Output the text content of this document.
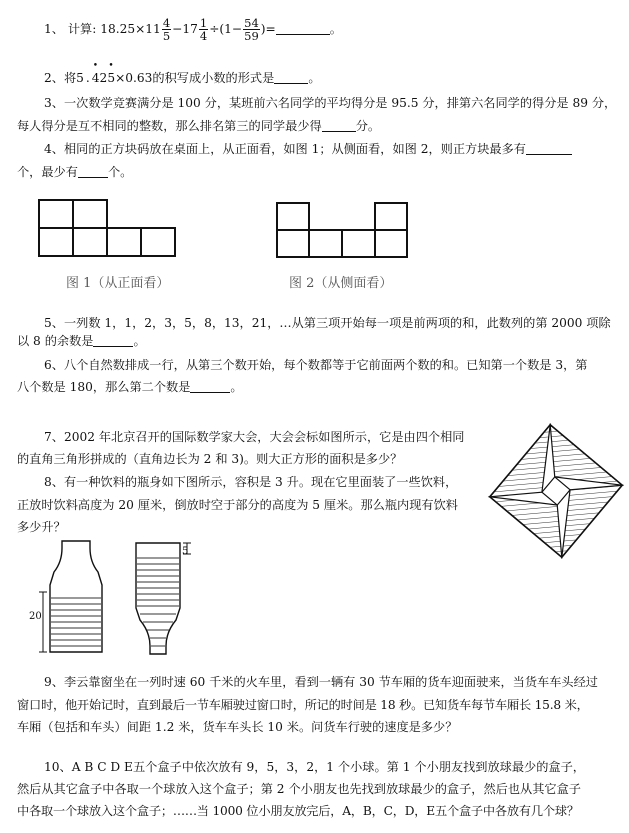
1、 计算: $18.25\times 11 \frac{4}{5} -17 \frac{1}{4} \div(1- \frac{54}{59}$ )=	。
2、将5 .• 42• 5×0.63的积写成小数的形式是	。
3、一次数学竞赛满分是 100 分，某班前六名同学的平均得分是 95.5 分，排第六名同学的得分是 89 分，
每人得分是互不相同的整数，那么排名第三的同学最少得	分。
4、相同的正方块码放在桌面上，从正面看，如图 1；从侧面看，如图 2，则正方块最多有
个，最少有 个。
图 1（从正面看）	图 2（从侧面看）
5、一列数 1，1，2，3，5，8，13，21，…从第三项开始每一项是前两项的和，此数列的第 2000 项除
以 8 的余数是	。
6、八个自然数排成一行，从第三个数开始，每个数都等于它前面两个数的和。已知第一个数是 3，第
八个数是 180，那么第二个数是	。
7、2002 年北京召开的国际数学家大会，大会会标如图所示，它是由四个相同
的直角三角形拼成的（直角边长为 2 和 3)。则大正方形的面积是多少？
8、有一种饮料的瓶身如下图所示，容积是 3 升。现在它里面装了一些饮料，
正放时饮料高度为 20 厘米，倒放时空于部分的高度为 5 厘米。那么瓶内现有饮料
多少升？
20
5
9、李云靠窗坐在一列时速 60 千米的火车里，看到一辆有 30 节车厢的货车迎面驶来，当货车车头经过
窗口时，他开始记时，直到最后一节车厢驶过窗口时，所记的时间是 18 秒。已知货车每节车厢长 15.8 米，
车厢（包括和车头）间距 1.2 米，货车车头长 10 米。问货车行驶的速度是多少？
10、A B C D E五个盒子中依次放有 9，5，3，2，1 个小球。第 1 个小朋友找到放球最少的盒子，
然后从其它盒子中各取一个球放入这个盒子；第 2 个小朋友也先找到放球最少的盒子，然后也从其它盒子
中各取一个球放入这个盒子；……当 1000 位小朋友放完后，A，B，C，D，E五个盒子中各放有几个球？
